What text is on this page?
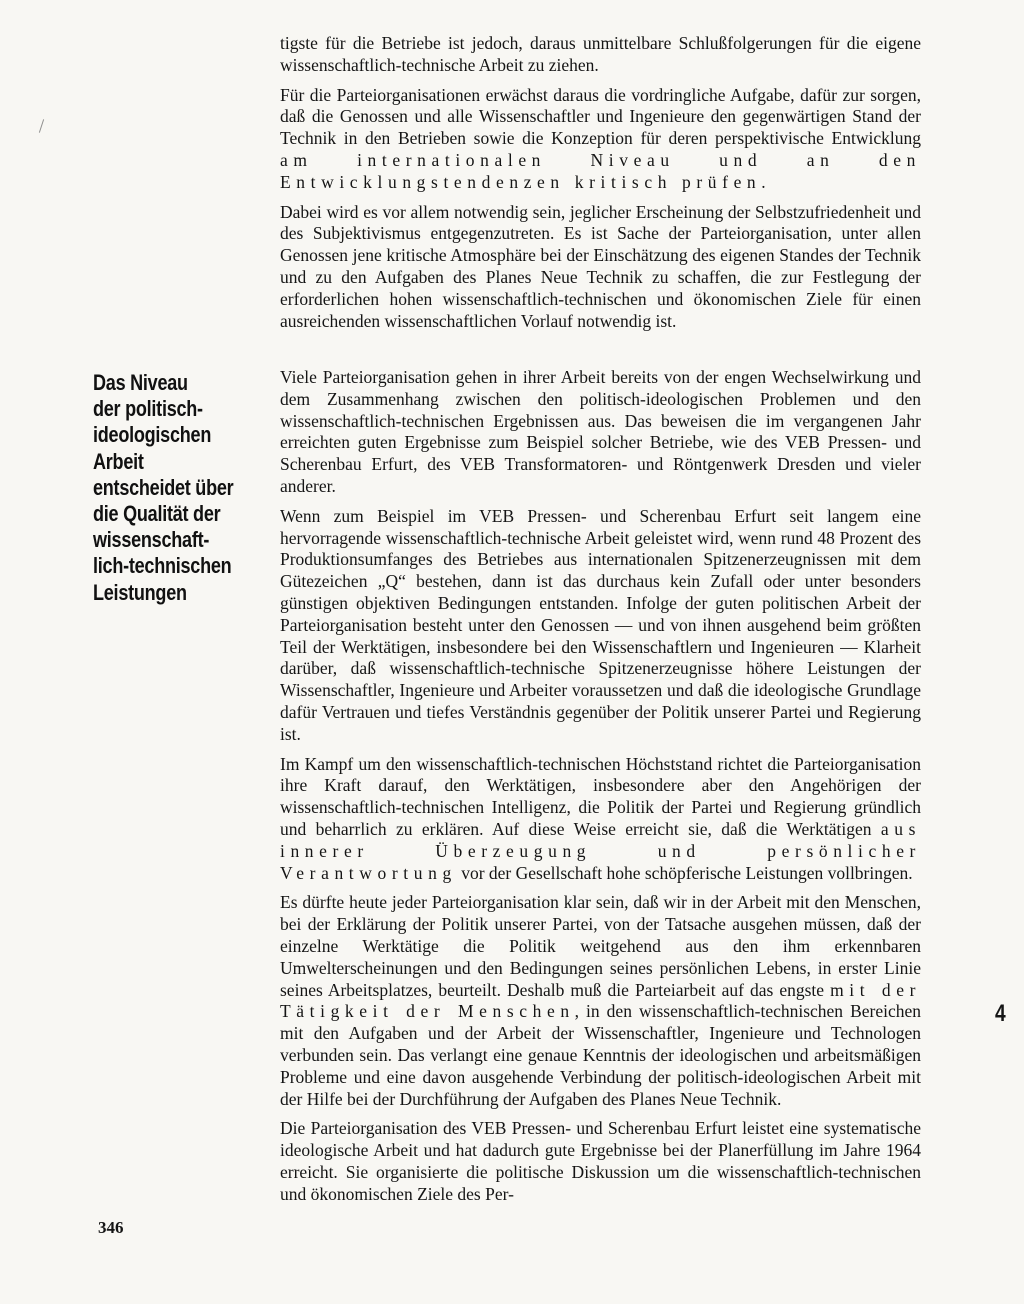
tigste für die Betriebe ist jedoch, daraus unmittelbare Schlußfolgerungen für die eigene wissenschaftlich-technische Arbeit zu ziehen.

Für die Parteiorganisationen erwächst daraus die vordringliche Aufgabe, dafür zur sorgen, daß die Genossen und alle Wissenschaftler und Ingenieure den gegenwärtigen Stand der Technik in den Betrieben sowie die Konzeption für deren perspektivische Entwicklung am internationalen Niveau und an den Entwicklungstendenzen kritisch prüfen.

Dabei wird es vor allem notwendig sein, jeglicher Erscheinung der Selbstzufriedenheit und des Subjektivismus entgegenzutreten. Es ist Sache der Parteiorganisation, unter allen Genossen jene kritische Atmosphäre bei der Einschätzung des eigenen Standes der Technik und zu den Aufgaben des Planes Neue Technik zu schaffen, die zur Festlegung der erforderlichen hohen wissenschaftlich-technischen und ökonomischen Ziele für einen ausreichenden wissenschaftlichen Vorlauf notwendig ist.

Das Niveau
der politisch-
ideologischen
Arbeit
entscheidet über
die Qualität der
wissenschaft-
lich-technischen
Leistungen

Viele Parteiorganisation gehen in ihrer Arbeit bereits von der engen Wechselwirkung und dem Zusammenhang zwischen den politisch-ideologischen Problemen und den wissenschaftlich-technischen Ergebnissen aus. Das beweisen die im vergangenen Jahr erreichten guten Ergebnisse zum Beispiel solcher Betriebe, wie des VEB Pressen- und Scherenbau Erfurt, des VEB Transformatoren- und Röntgenwerk Dresden und vieler anderer.

Wenn zum Beispiel im VEB Pressen- und Scherenbau Erfurt seit langem eine hervorragende wissenschaftlich-technische Arbeit geleistet wird, wenn rund 48 Prozent des Produktionsumfanges des Betriebes aus internationalen Spitzenerzeugnissen mit dem Gütezeichen „Q“ bestehen, dann ist das durchaus kein Zufall oder unter besonders günstigen objektiven Bedingungen entstanden. Infolge der guten politischen Arbeit der Parteiorganisation besteht unter den Genossen — und von ihnen ausgehend beim größten Teil der Werktätigen, insbesondere bei den Wissenschaftlern und Ingenieuren — Klarheit darüber, daß wissenschaftlich-technische Spitzenerzeugnisse höhere Leistungen der Wissenschaftler, Ingenieure und Arbeiter voraussetzen und daß die ideologische Grundlage dafür Vertrauen und tiefes Verständnis gegenüber der Politik unserer Partei und Regierung ist.

Im Kampf um den wissenschaftlich-technischen Höchststand richtet die Parteiorganisation ihre Kraft darauf, den Werktätigen, insbesondere aber den Angehörigen der wissenschaftlich-technischen Intelligenz, die Politik der Partei und Regierung gründlich und beharrlich zu erklären. Auf diese Weise erreicht sie, daß die Werktätigen aus innerer Überzeugung und persönlicher Verantwortung vor der Gesellschaft hohe schöpferische Leistungen vollbringen.

Es dürfte heute jeder Parteiorganisation klar sein, daß wir in der Arbeit mit den Menschen, bei der Erklärung der Politik unserer Partei, von der Tatsache ausgehen müssen, daß der einzelne Werktätige die Politik weitgehend aus den ihm erkennbaren Umwelterscheinungen und den Bedingungen seines persönlichen Lebens, in erster Linie seines Arbeitsplatzes, beurteilt. Deshalb muß die Parteiarbeit auf das engste mit der Tätigkeit der Menschen, in den wissenschaftlich-technischen Bereichen mit den Aufgaben und der Arbeit der Wissenschaftler, Ingenieure und Technologen verbunden sein. Das verlangt eine genaue Kenntnis der ideologischen und arbeitsmäßigen Probleme und eine davon ausgehende Verbindung der politisch-ideologischen Arbeit mit der Hilfe bei der Durchführung der Aufgaben des Planes Neue Technik.

Die Parteiorganisation des VEB Pressen- und Scherenbau Erfurt leistet eine systematische ideologische Arbeit und hat dadurch gute Ergebnisse bei der Planerfüllung im Jahre 1964 erreicht. Sie organisierte die politische Diskussion um die wissenschaftlich-technischen und ökonomischen Ziele des Per-

4
346
